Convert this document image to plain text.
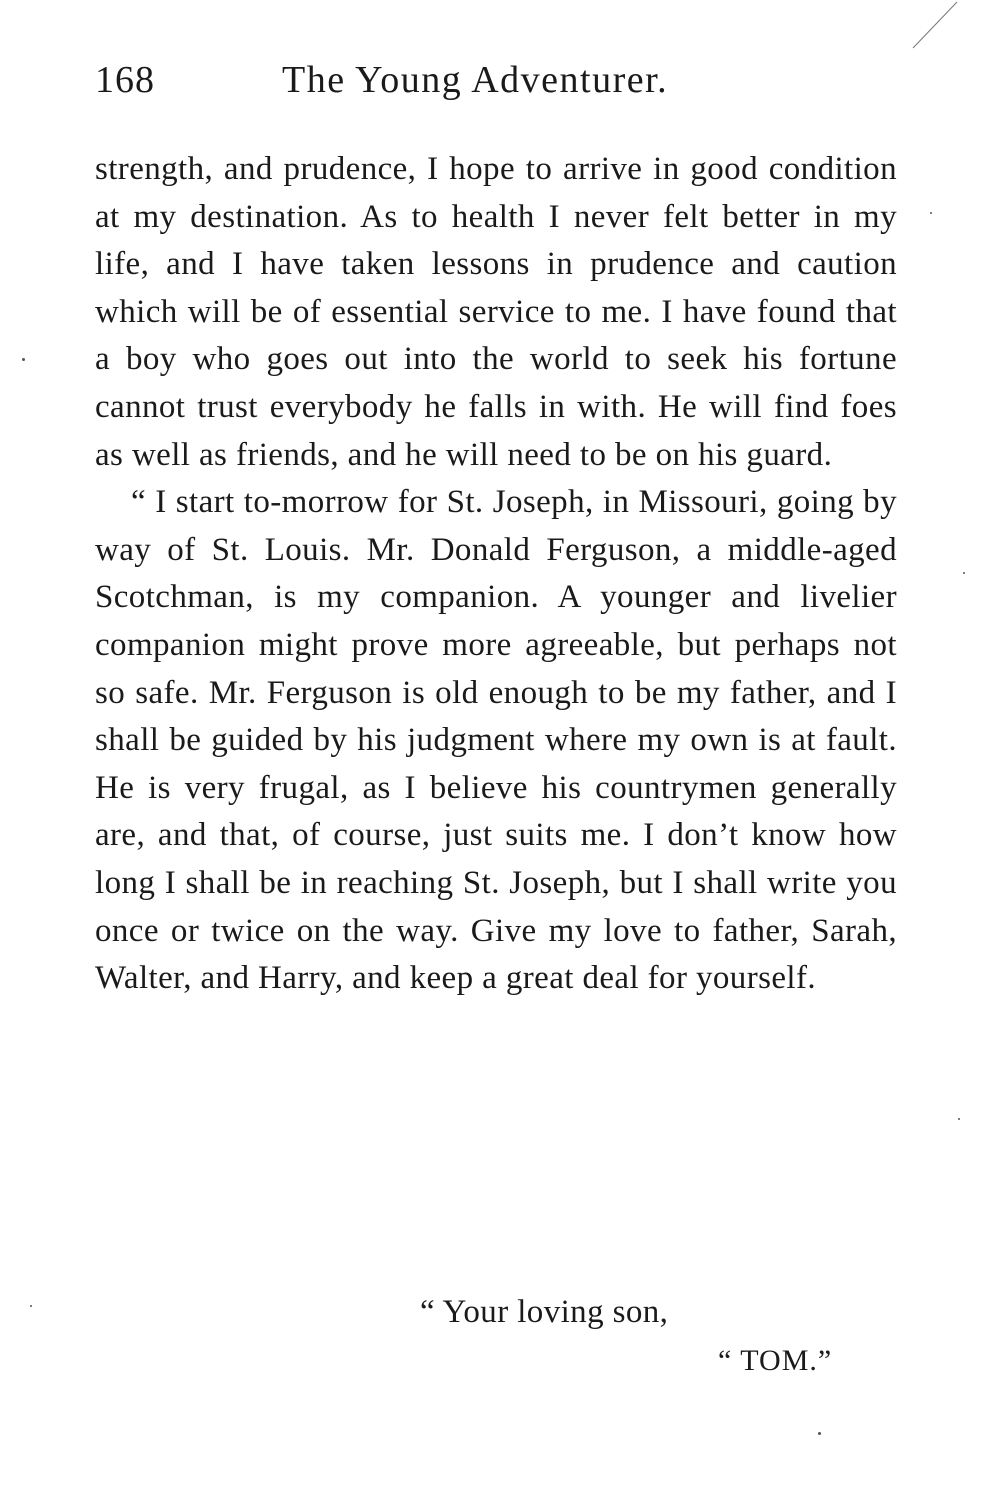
168	The Young Adventurer.

strength, and prudence, I hope to arrive in good condition at my destination. As to health I never felt better in my life, and I have taken lessons in prudence and caution which will be of essential service to me. I have found that a boy who goes out into the world to seek his fortune cannot trust everybody he falls in with. He will find foes as well as friends, and he will need to be on his guard.

“ I start to-morrow for St. Joseph, in Missouri, going by way of St. Louis. Mr. Donald Ferguson, a middle-aged Scotchman, is my companion. A younger and livelier companion might prove more agreeable, but perhaps not so safe. Mr. Ferguson is old enough to be my father, and I shall be guided by his judgment where my own is at fault. He is very frugal, as I believe his countrymen generally are, and that, of course, just suits me. I don’t know how long I shall be in reaching St. Joseph, but I shall write you once or twice on the way. Give my love to father, Sarah, Walter, and Harry, and keep a great deal for yourself.

“ Your loving son,
“ TOM.”
